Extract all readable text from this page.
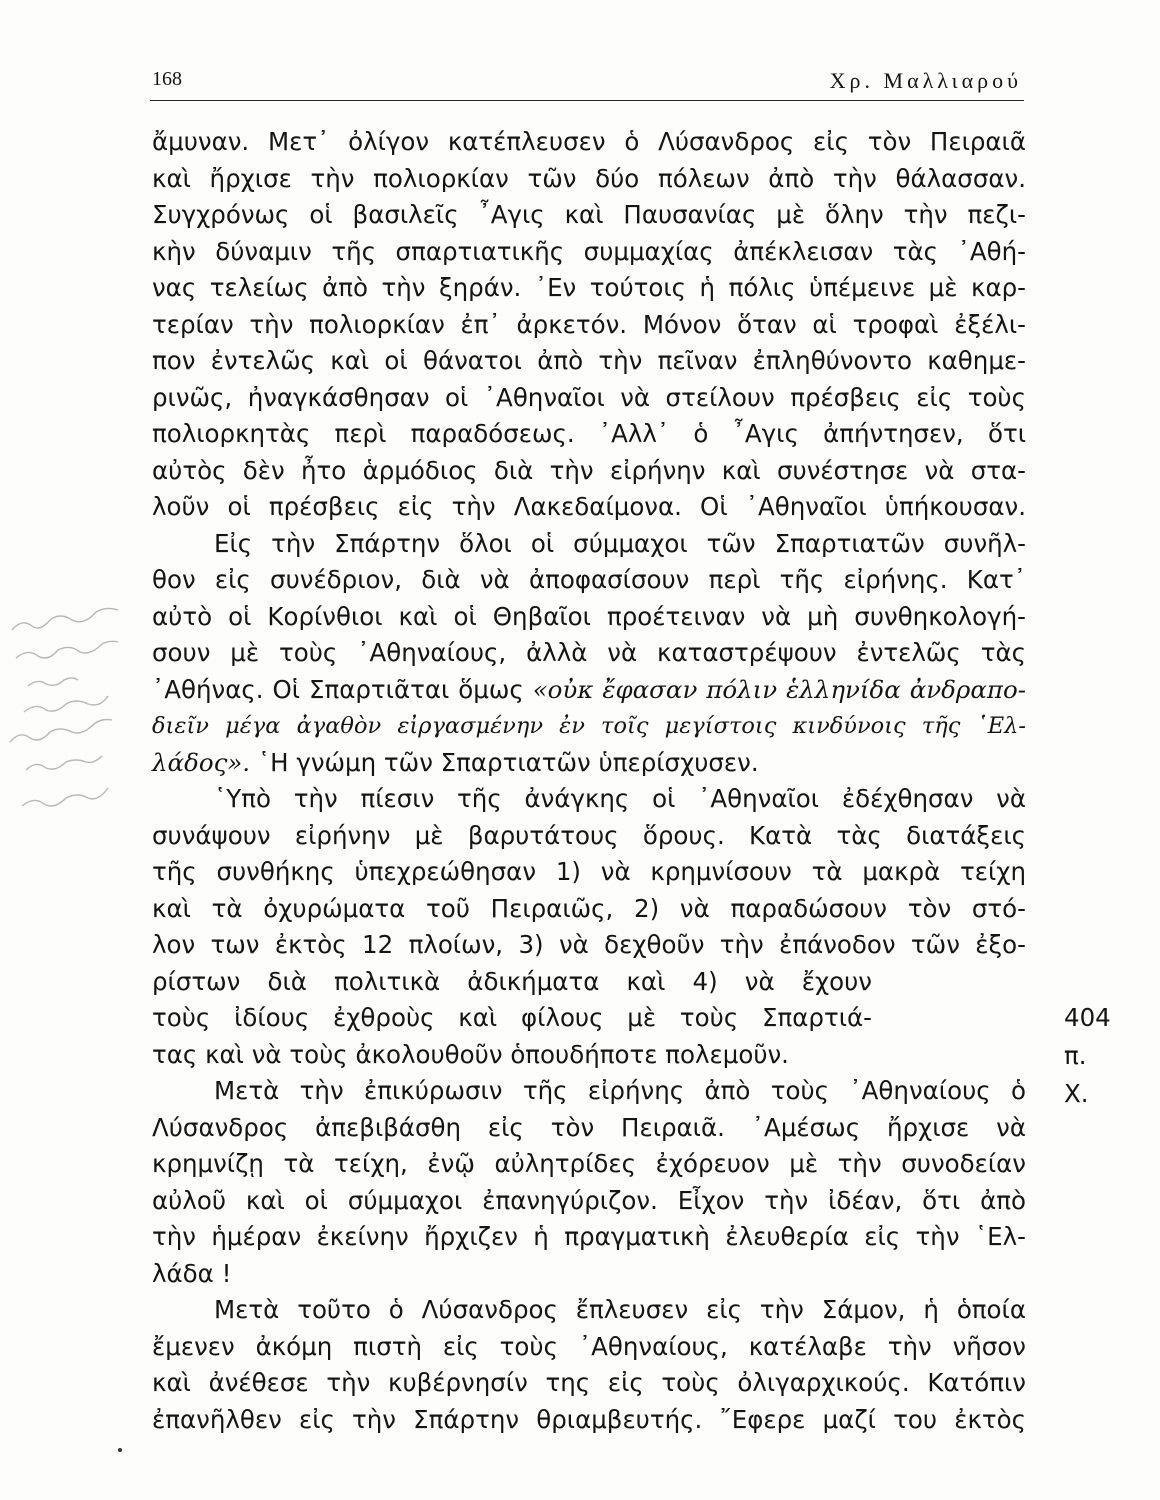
168	Χρ. Μαλλιαρού
ἄμυναν. Μετ᾽ ὀλίγον κατέπλευσεν ὁ Λύσανδρος εἰς τὸν Πειραιᾶ
καὶ ἤρχισε τὴν πολιορκίαν τῶν δύο πόλεων ἀπὸ τὴν θάλασσαν.
Συγχρόνως οἱ βασιλεῖς ῏Αγις καὶ Παυσανίας μὲ ὅλην τὴν πεζι-
κὴν δύναμιν τῆς σπαρτιατικῆς συμμαχίας ἀπέκλεισαν τὰς ᾽Αθή-
νας τελείως ἀπὸ τὴν ξηράν. ᾽Εν τούτοις ἡ πόλις ὑπέμεινε μὲ καρ-
τερίαν τὴν πολιορκίαν ἐπ᾽ ἀρκετόν. Μόνον ὅταν αἱ τροφαὶ ἐξέλι-
πον ἐντελῶς καὶ οἱ θάνατοι ἀπὸ τὴν πεῖναν ἐπληθύνοντο καθημε-
ρινῶς, ἠναγκάσθησαν οἱ ᾽Αθηναῖοι νὰ στείλουν πρέσβεις εἰς τοὺς
πολιορκητὰς περὶ παραδόσεως. ᾽Αλλ᾽ ὁ ῏Αγις ἀπήντησεν, ὅτι
αὐτὸς δὲν ἦτο ἁρμόδιος διὰ τὴν εἰρήνην καὶ συνέστησε νὰ στα-
λοῦν οἱ πρέσβεις εἰς τὴν Λακεδαίμονα. Οἱ ᾽Αθηναῖοι ὑπήκουσαν.
Εἰς τὴν Σπάρτην ὅλοι οἱ σύμμαχοι τῶν Σπαρτιατῶν συνῆλ-
θον εἰς συνέδριον, διὰ νὰ ἀποφασίσουν περὶ τῆς εἰρήνης. Κατ᾽
αὐτὸ οἱ Κορίνθιοι καὶ οἱ Θηβαῖοι προέτειναν νὰ μὴ συνθηκολογή-
σουν μὲ τοὺς ᾽Αθηναίους, ἀλλὰ νὰ καταστρέψουν ἐντελῶς τὰς
᾽Αθήνας. Οἱ Σπαρτιᾶται ὅμως «οὐκ ἔφασαν πόλιν ἑλληνίδα ἀνδραπο-
διεῖν μέγα ἀγαθὸν εἰργασμένην ἐν τοῖς μεγίστοις κινδύνοις τῆς ῾Ελ-
λάδος». ῾Η γνώμη τῶν Σπαρτιατῶν ὑπερίσχυσεν.
῾Υπὸ τὴν πίεσιν τῆς ἀνάγκης οἱ ᾽Αθηναῖοι ἐδέχθησαν νὰ
συνάψουν εἰρήνην μὲ βαρυτάτους ὅρους. Κατὰ τὰς διατάξεις
τῆς συνθήκης ὑπεχρεώθησαν 1) νὰ κρημνίσουν τὰ μακρὰ τείχη
καὶ τὰ ὀχυρώματα τοῦ Πειραιῶς, 2) νὰ παραδώσουν τὸν στό-
λον των ἐκτὸς 12 πλοίων, 3) νὰ δεχθοῦν τὴν ἐπάνοδον τῶν ἐξο-
ρίστων διὰ πολιτικὰ ἀδικήματα καὶ 4) νὰ ἔχουν
τοὺς ἰδίους ἐχθροὺς καὶ φίλους μὲ τοὺς Σπαρτιά-	404 π. Χ.
τας καὶ νὰ τοὺς ἀκολουθοῦν ὁπουδήποτε πολεμοῦν.
Μετὰ τὴν ἐπικύρωσιν τῆς εἰρήνης ἀπὸ τοὺς ᾽Αθηναίους ὁ
Λύσανδρος ἀπεβιβάσθη εἰς τὸν Πειραιᾶ. ᾽Αμέσως ἤρχισε νὰ
κρημνίζῃ τὰ τείχη, ἐνῷ αὐλητρίδες ἐχόρευον μὲ τὴν συνοδείαν
αὐλοῦ καὶ οἱ σύμμαχοι ἐπανηγύριζον. Εἶχον τὴν ἰδέαν, ὅτι ἀπὸ
τὴν ἡμέραν ἐκείνην ἤρχιζεν ἡ πραγματικὴ ἐλευθερία εἰς τὴν ῾Ελ-
λάδα !
Μετὰ τοῦτο ὁ Λύσανδρος ἔπλευσεν εἰς τὴν Σάμον, ἡ ὁποία
ἔμενεν ἀκόμη πιστὴ εἰς τοὺς ᾽Αθηναίους, κατέλαβε τὴν νῆσον
καὶ ἀνέθεσε τὴν κυβέρνησίν της εἰς τοὺς ὀλιγαρχικούς. Κατόπιν
ἐπανῆλθεν εἰς τὴν Σπάρτην θριαμβευτής. ῎Εφερε μαζί του ἐκτὸς
